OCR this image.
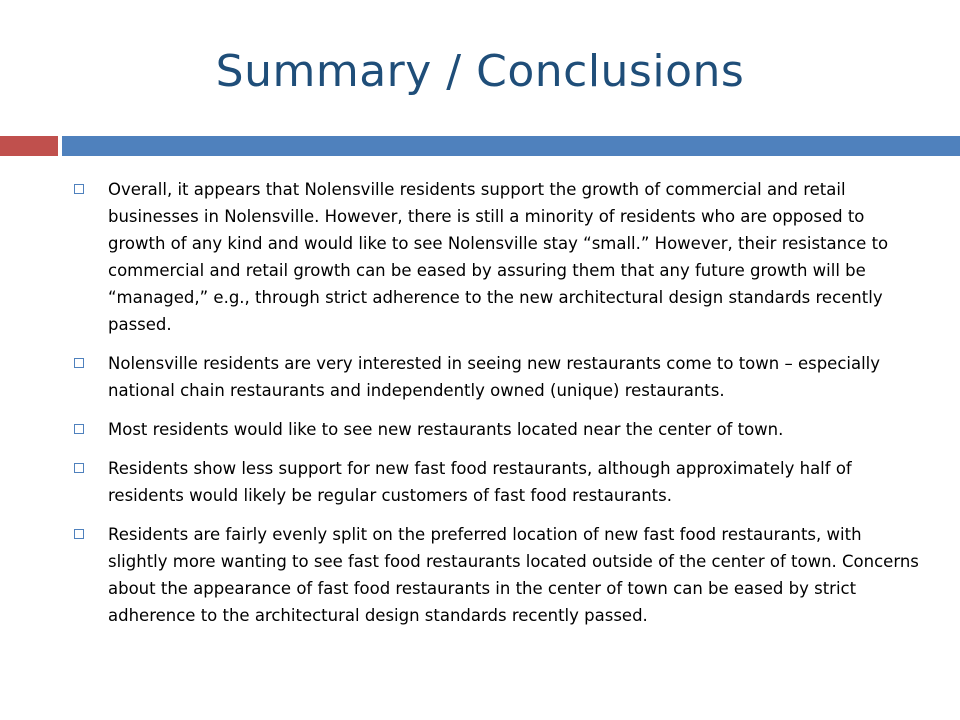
Summary / Conclusions
Overall, it appears that Nolensville residents support the growth of commercial and retail businesses in Nolensville. However, there is still a minority of residents who are opposed to growth of any kind and would like to see Nolensville stay “small.” However, their resistance to commercial and retail growth can be eased by assuring them that any future growth will be “managed,” e.g., through strict adherence to the new architectural design standards recently passed.
Nolensville residents are very interested in seeing new restaurants come to town – especially national chain restaurants and independently owned (unique) restaurants.
Most residents would like to see new restaurants located near the center of town.
Residents show less support for new fast food restaurants, although approximately half of residents would likely be regular customers of fast food restaurants.
Residents are fairly evenly split on the preferred location of new fast food restaurants, with slightly more wanting to see fast food restaurants located outside of the center of town. Concerns about the appearance of fast food restaurants in the center of town can be eased by strict adherence to the architectural design standards recently passed.
